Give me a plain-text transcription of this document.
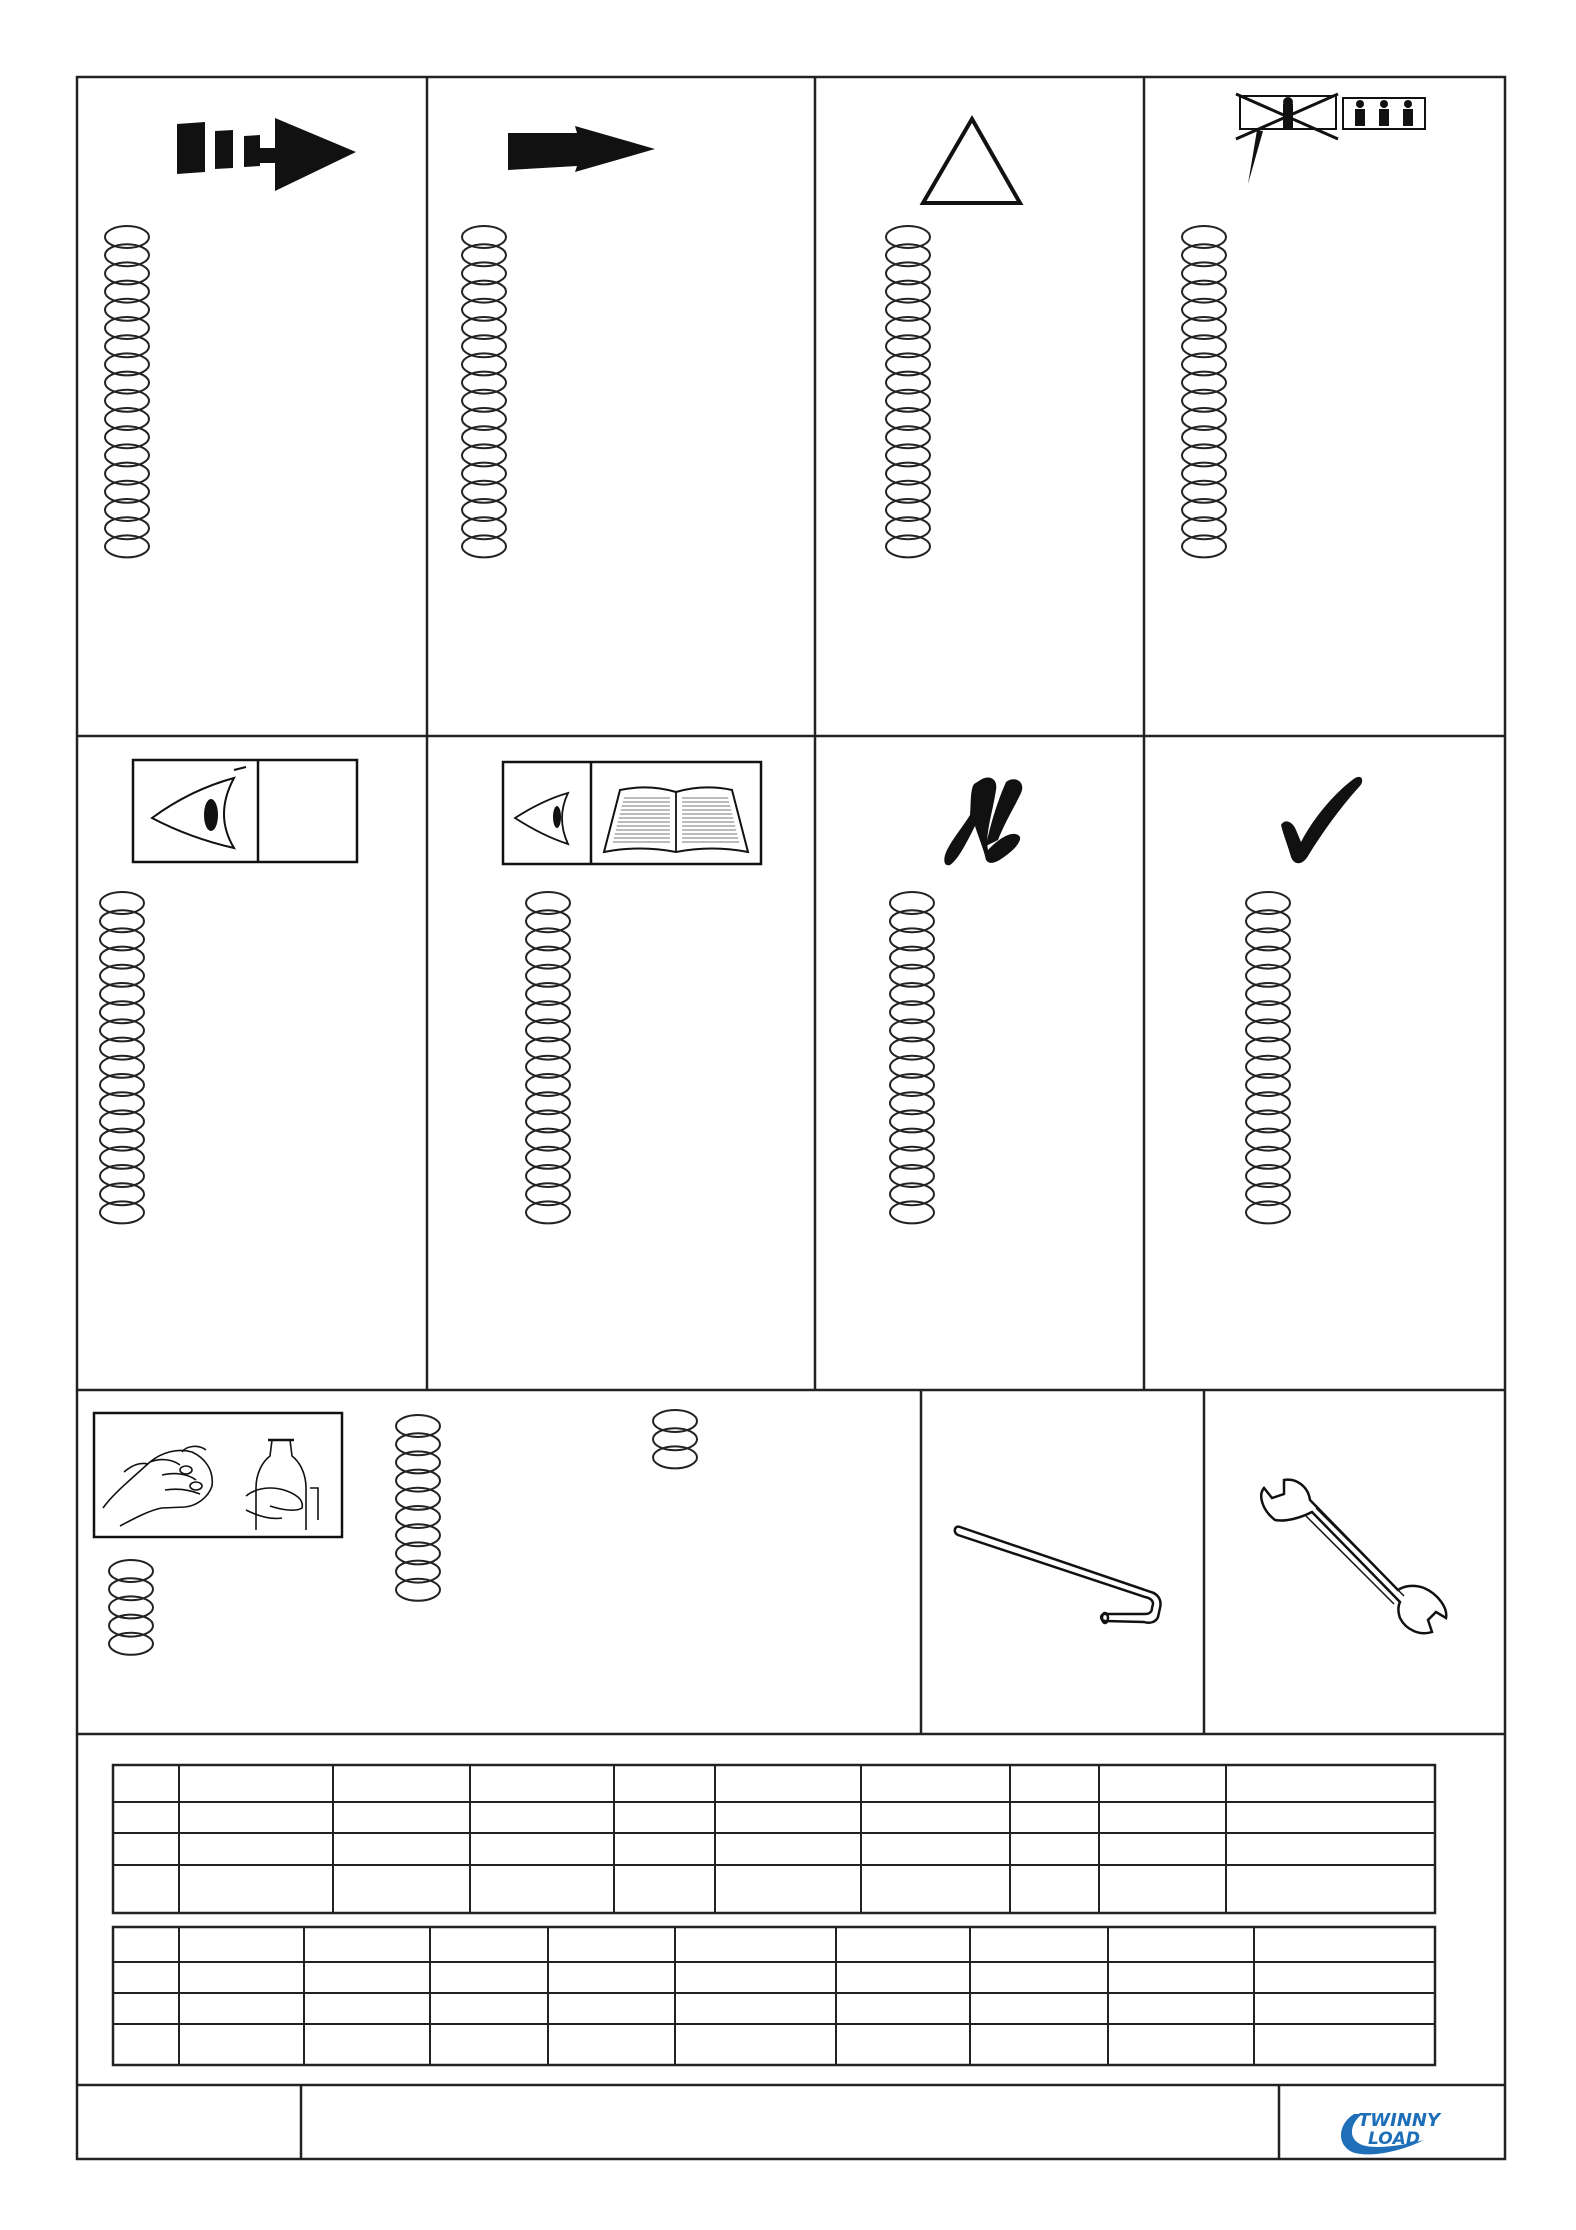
TWINNY
LOAD
